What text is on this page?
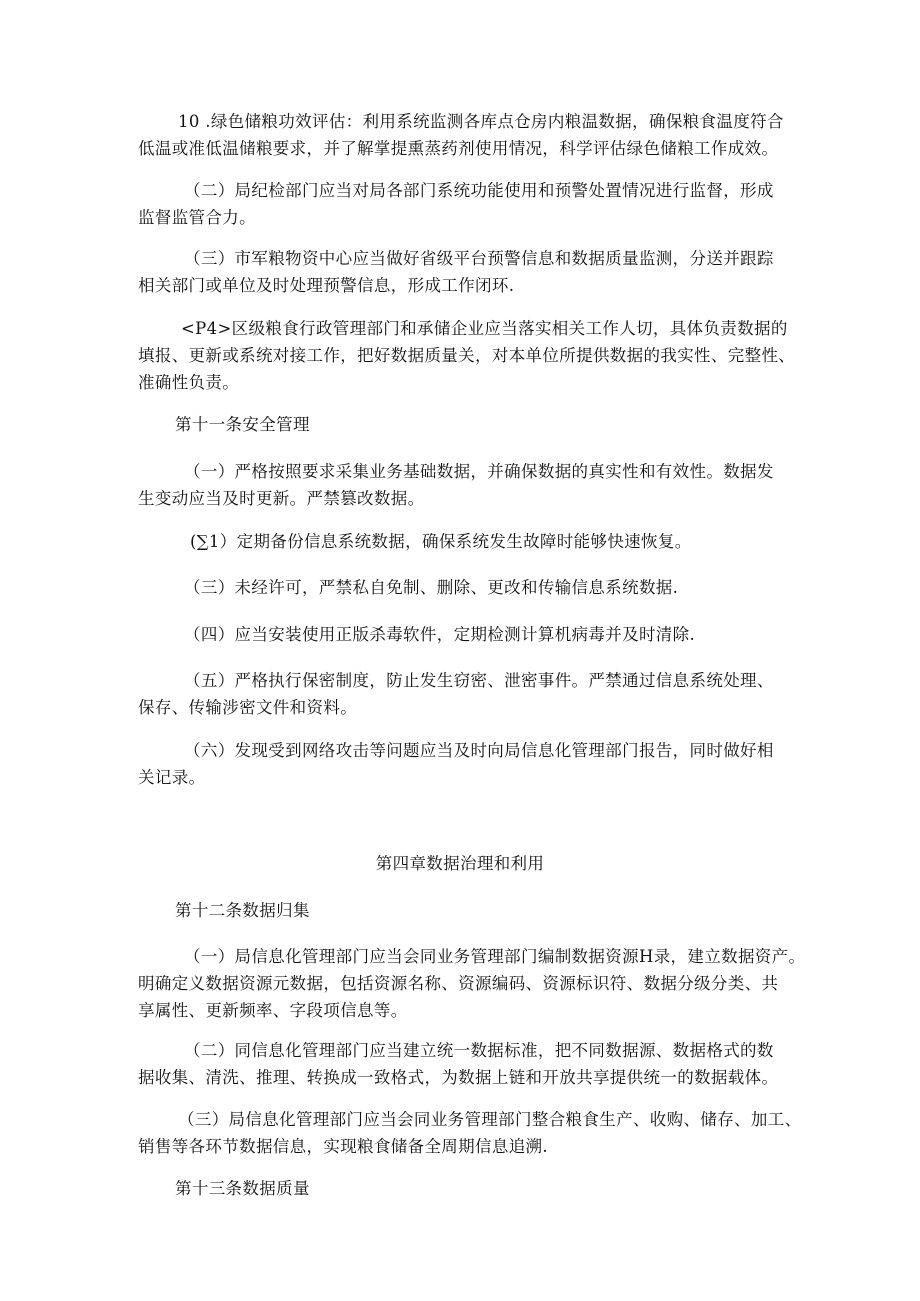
10 .绿色储粮功效评估：利用系统监测各库点仓房内粮温数据，确保粮食温度符合
低温或准低温储粮要求，并了解掌提熏蒸药剂使用情况，科学评估绿色储粮工作成效。
（二）局纪检部门应当对局各部门系统功能使用和预警处置情况进行监督，形成
监督监管合力。
（三）市军粮物资中心应当做好省级平台预警信息和数据质量监测，分送并跟踪
相关部门或单位及时处理预警信息，形成工作闭环.
<P4>区级粮食行政管理部门和承储企业应当落实相关工作人切，具体负责数据的
填报、更新或系统对接工作，把好数据质量关，对本单位所提供数据的我实性、完整性、
准确性负责。
第十一条安全管理
（一）严格按照要求采集业务基础数据，并确保数据的真实性和有效性。数据发
生变动应当及时更新。严禁篡改数据。
(∑1）定期备份信息系统数据，确保系统发生故障时能够快速恢复。
（三）未经许可，严禁私自免制、删除、更改和传输信息系统数据.
（四）应当安装使用正版杀毒软件，定期检测计算机病毒并及时清除.
（五）严格执行保密制度，防止发生窃密、泄密事件。严禁通过信息系统处理、
保存、传输涉密文件和资料。
（六）发现受到网络攻击等问题应当及时向局信息化管理部门报告，同时做好相
关记录。
第四章数据治理和利用
第十二条数据归集
（一）局信息化管理部门应当会同业务管理部门编制数据资源H录，建立数据资产。
明确定义数据资源元数据，包括资源名称、资源编码、资源标识符、数据分级分类、共
享属性、更新频率、字段项信息等。
（二）同信息化管理部门应当建立统一数据标准，把不同数据源、数据格式的数
据收集、清洗、推理、转换成一致格式，为数据上链和开放共享提供统一的数据载体。
（三）局信息化管理部门应当会同业务管理部门整合粮食生产、收购、储存、加工、
销售等各环节数据信息，实现粮食储备全周期信息追溯.
第十三条数据质量
